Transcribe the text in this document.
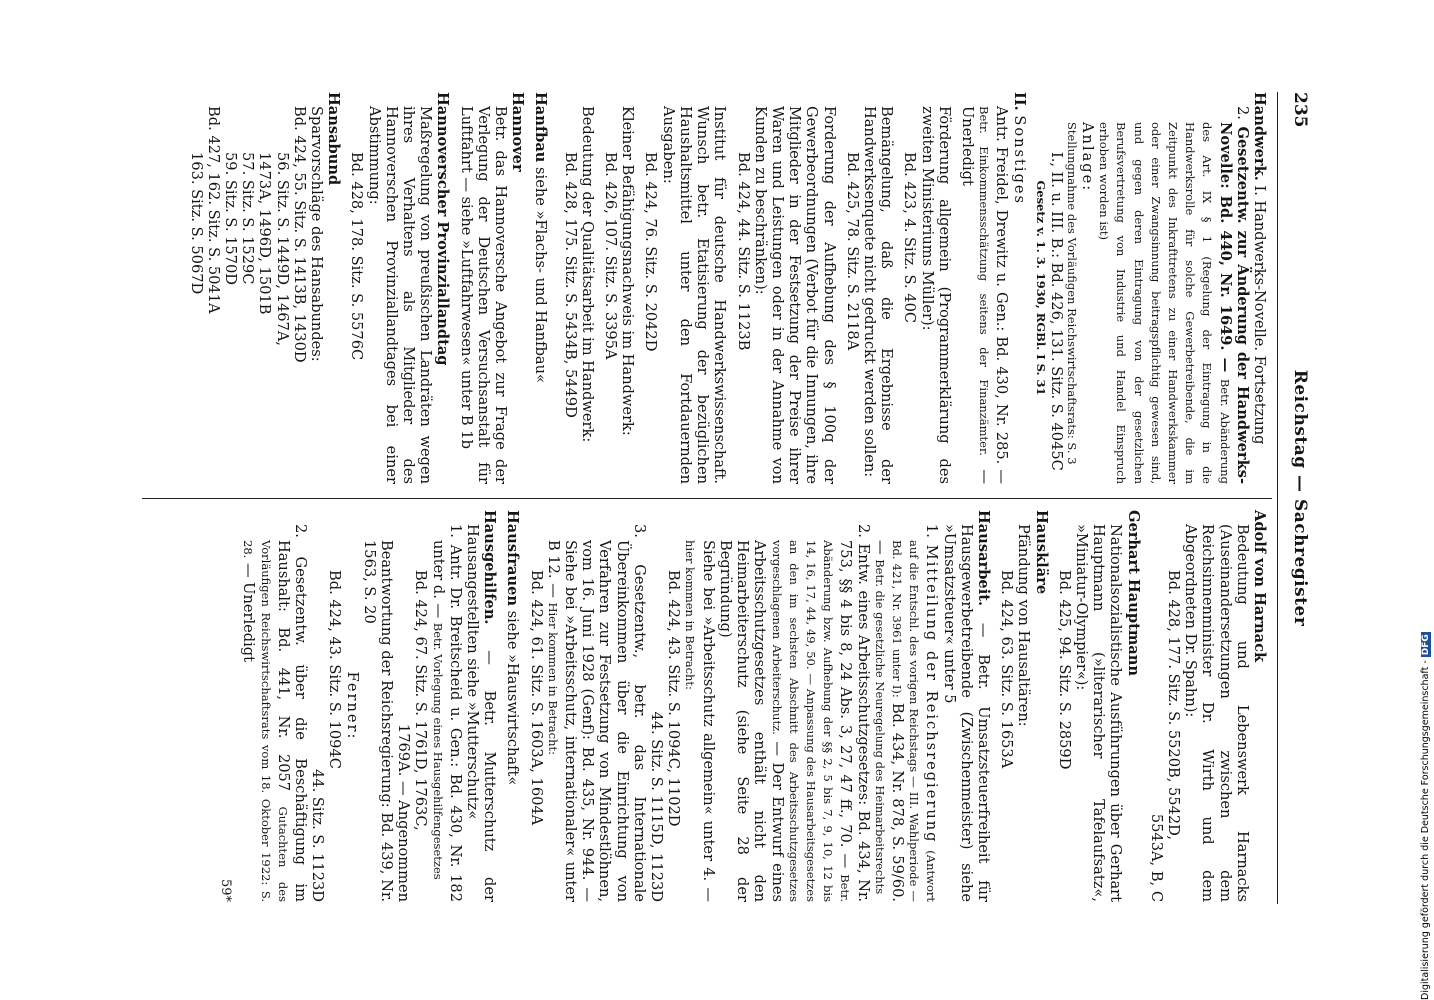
235
Reichstag — Sachregister

Handwerk. I. Handwerks-Novelle. Fortsetzung

2. Gesetzentw. zur Änderung der Handwerks-Novelle: Bd. 440, Nr. 1649. — Betr. Abänderung des Art. IX § 1 (Regelung der Eintragung in die Handwerksrolle für solche Gewerbetreibende, die im Zeitpunkt des Inkrafttretens zu einer Handwerkskammer oder einer Zwangsinnung beitragspflichtig gewesen sind, und gegen deren Eintragung von der gesetzlichen Berufsvertretung von Industrie und Handel Einspruch erhoben worden ist)

Anlage:

Stellungnahme des Vorläufigen Reichswirtschaftsrats: S. 3

I., II. u. III. B.: Bd. 426, 131. Sitz. S. 4045C

Gesetz v. 1. 3. 1930, RGBl. I S. 31

II. Sonstiges

Antr. Freidel, Drewitz u. Gen.: Bd. 430, Nr. 285. — Betr. Einkommensschätzung seitens der Finanzämter. — Unerledigt

Förderung allgemein (Programmerklärung des zweiten Ministeriums Müller):

Bd. 423, 4. Sitz. S. 40C

Bemängelung, daß die Ergebnisse der Handwerksenquete nicht gedruckt werden sollen:

Bd. 425, 78. Sitz. S. 2118A

Forderung der Aufhebung des § 100q der Gewerbeordnungen (Verbot für die Innungen, ihre Mitglieder in der Festsetzung der Preise ihrer Waren und Leistungen oder in der Annahme von Kunden zu beschränken):

Bd. 424, 44. Sitz. S. 1123B

Institut für deutsche Handwerkswissenschaft. Wunsch betr. Etatisierung der bezüglichen Haushaltsmittel unter den Fortdauernden Ausgaben:

Bd. 424, 76. Sitz. S. 2042D

Kleiner Befähigungsnachweis im Handwerk:

Bd. 426, 107. Sitz. S. 3395A

Bedeutung der Qualitätsarbeit im Handwerk:

Bd. 428, 175. Sitz. S. 5434B, 5449D

Hanfbau siehe »Flachs- und Hanfbau«

Hannover

Betr. das Hannoversche Angebot zur Frage der Verlegung der Deutschen Versuchsanstalt für Luftfahrt — siehe »Luftfahrwesen« unter B 1b

Hannoverscher Provinziallandtag

Maßregelung von preußischen Landräten wegen ihres Verhaltens als Mitglieder des Hannoverschen Provinziallandtages bei einer Abstimmung:

Bd. 428, 178. Sitz. S. 5576C

Hansabund

Sparvorschläge des Hansabundes:

Bd. 424, 55. Sitz. S. 1413B, 1430D

56. Sitz. S. 1449D, 1467A,

1473A, 1496D, 1501B

57. Sitz. S. 1529C

59. Sitz. S. 1570D

Bd. 427, 162. Sitz. S. 5041A

163. Sitz. S. 5067D

Adolf von Harnack

Bedeutung und Lebenswerk Harnacks (Auseinandersetzungen zwischen dem Reichsinnenminister Dr. Wirth und dem Abgeordneten Dr. Spahn):

Bd. 428, 177. Sitz. S. 5520B, 5542D,

5543A, B, C

Gerhart Hauptmann

Nationalsozialistische Ausführungen über Gerhart Hauptmann (»literarischer Tafelaufsatz«, »Miniatur-Olympier«):

Bd. 425, 94. Sitz. S. 2859D

Hauskläre

Pfändung von Hausaltären:

Bd. 424, 63. Sitz. S. 1653A

Hausarbeit. — Betr. Umsatzsteuerfreiheit für Hausgewerbetreibende (Zwischenmeister) siehe »Umsatzsteuer« unter 5

1. Mitteilung der Reichsregierung (Antwort auf die Entschl. des vorigen Reichstags — III. Wahlperiode — Bd. 421, Nr. 3961 unter I): Bd. 434, Nr. 878, S. 59/60. — Betr. die gesetzliche Neuregelung des Heimarbeitsrechts

2. Entw. eines Arbeitsschutzgesetzes: Bd. 434, Nr. 753, §§ 4 bis 8, 24 Abs. 3, 27, 47 ff., 70. — Betr. Abänderung bzw. Aufhebung der §§ 2, 5 bis 7, 9, 10, 12 bis 14, 16, 17, 44, 49, 50. — Anpassung des Hausarbeitsgesetzes an den im sechsten Abschnitt des Arbeitsschutzgesetzes vorgeschlagenen Arbeiterschutz. — Der Entwurf eines Arbeitsschutzgesetzes enthält nicht den Heimarbeiterschutz (siehe Seite 28 der Begründung)

Siehe bei »Arbeitsschutz allgemein« unter 4. — hier kommen in Betracht:

Bd. 424, 43. Sitz. S. 1094C, 1102D

44. Sitz. S. 1115D, 1123D

3. Gesetzentw., betr. das Internationale Übereinkommen über die Einrichtung von Verfahren zur Festsetzung von Mindestlöhnen, vom 16. Juni 1928 (Genf): Bd. 435, Nr. 944. — Siehe bei »Arbeitsschutz, internationaler« unter B 12. — Hier kommen in Betracht:

Bd. 424, 61. Sitz. S. 1603A, 1604A

Hausfrauen siehe »Hauswirtschaft«

Hausgehilfen. — Betr. Mutterschutz der Hausangestellten siehe »Mutterschutz«

1. Antr. Dr. Breitscheid u. Gen.: Bd. 430, Nr. 182 unter d. — Betr. Vorlegung eines Hausgehilfengesetzes

Bd. 424, 67. Sitz. S. 1761D, 1763C,

1769A. — Angenommen

Beantwortung der Reichsregierung: Bd. 439, Nr. 1563, S. 20

Ferner:

Bd. 424, 43. Sitz. S. 1094C

44. Sitz. S. 1123D

2. Gesetzentw. über die Beschäftigung im Haushalt: Bd. 441, Nr. 2057 Gutachten des Vorläufigen Reichswirtschaftsrats vom 18. Oktober 1922: S. 28. — Unerledigt

59*	Digitalisierung gefördert durch die Deutsche Forschungsgemeinschaft -DFG
